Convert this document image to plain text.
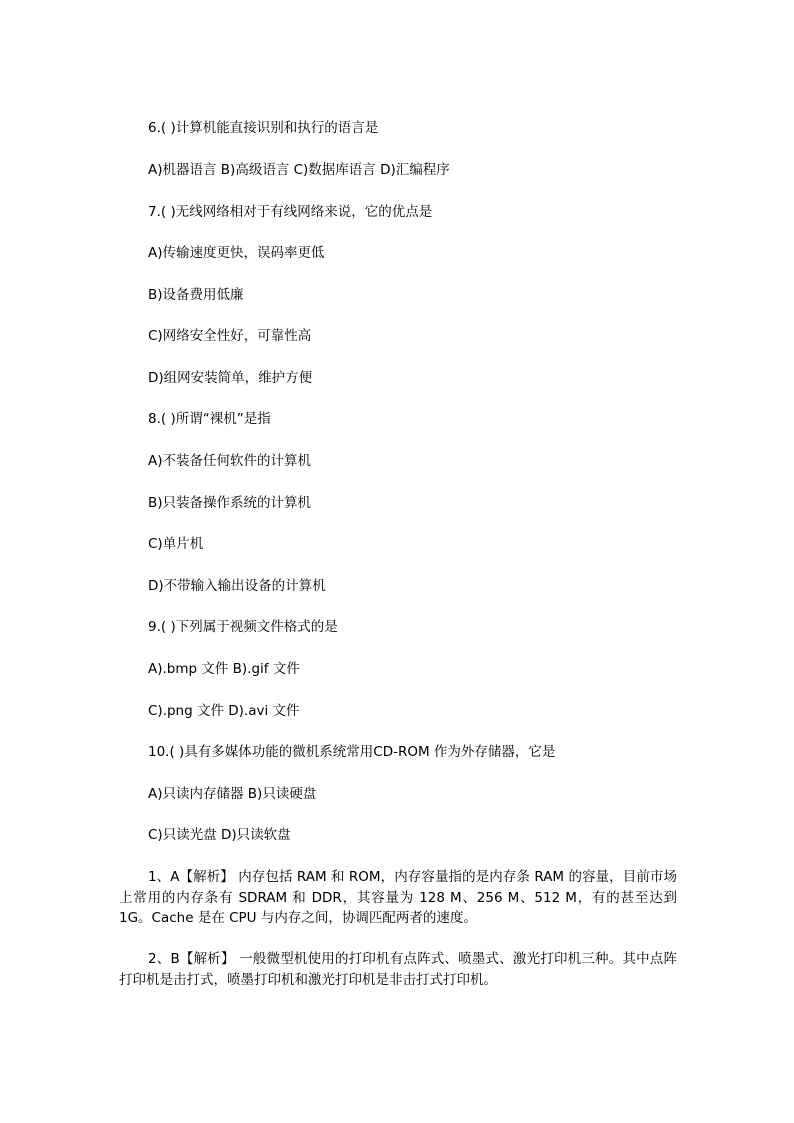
6.( )计算机能直接识别和执行的语言是
A)机器语言 B)高级语言 C)数据库语言 D)汇编程序
7.( )无线网络相对于有线网络来说，它的优点是
A)传输速度更快，误码率更低
B)设备费用低廉
C)网络安全性好，可靠性高
D)组网安装简单，维护方便
8.( )所谓“裸机”是指
A)不装备任何软件的计算机
B)只装备操作系统的计算机
C)单片机
D)不带输入输出设备的计算机
9.( )下列属于视频文件格式的是
A).bmp 文件 B).gif 文件
C).png 文件 D).avi 文件
10.( )具有多媒体功能的微机系统常用CD-ROM 作为外存储器，它是
A)只读内存储器 B)只读硬盘
C)只读光盘 D)只读软盘

1、A【解析】 内存包括 RAM 和 ROM，内存容量指的是内存条 RAM 的容量，目前市场上常用的内存条有 SDRAM 和 DDR，其容量为 128 M、256 M、512 M，有的甚至达到 1G。Cache 是在 CPU 与内存之间，协调匹配两者的速度。

2、B【解析】 一般微型机使用的打印机有点阵式、喷墨式、激光打印机三种。其中点阵打印机是击打式，喷墨打印机和激光打印机是非击打式打印机。
